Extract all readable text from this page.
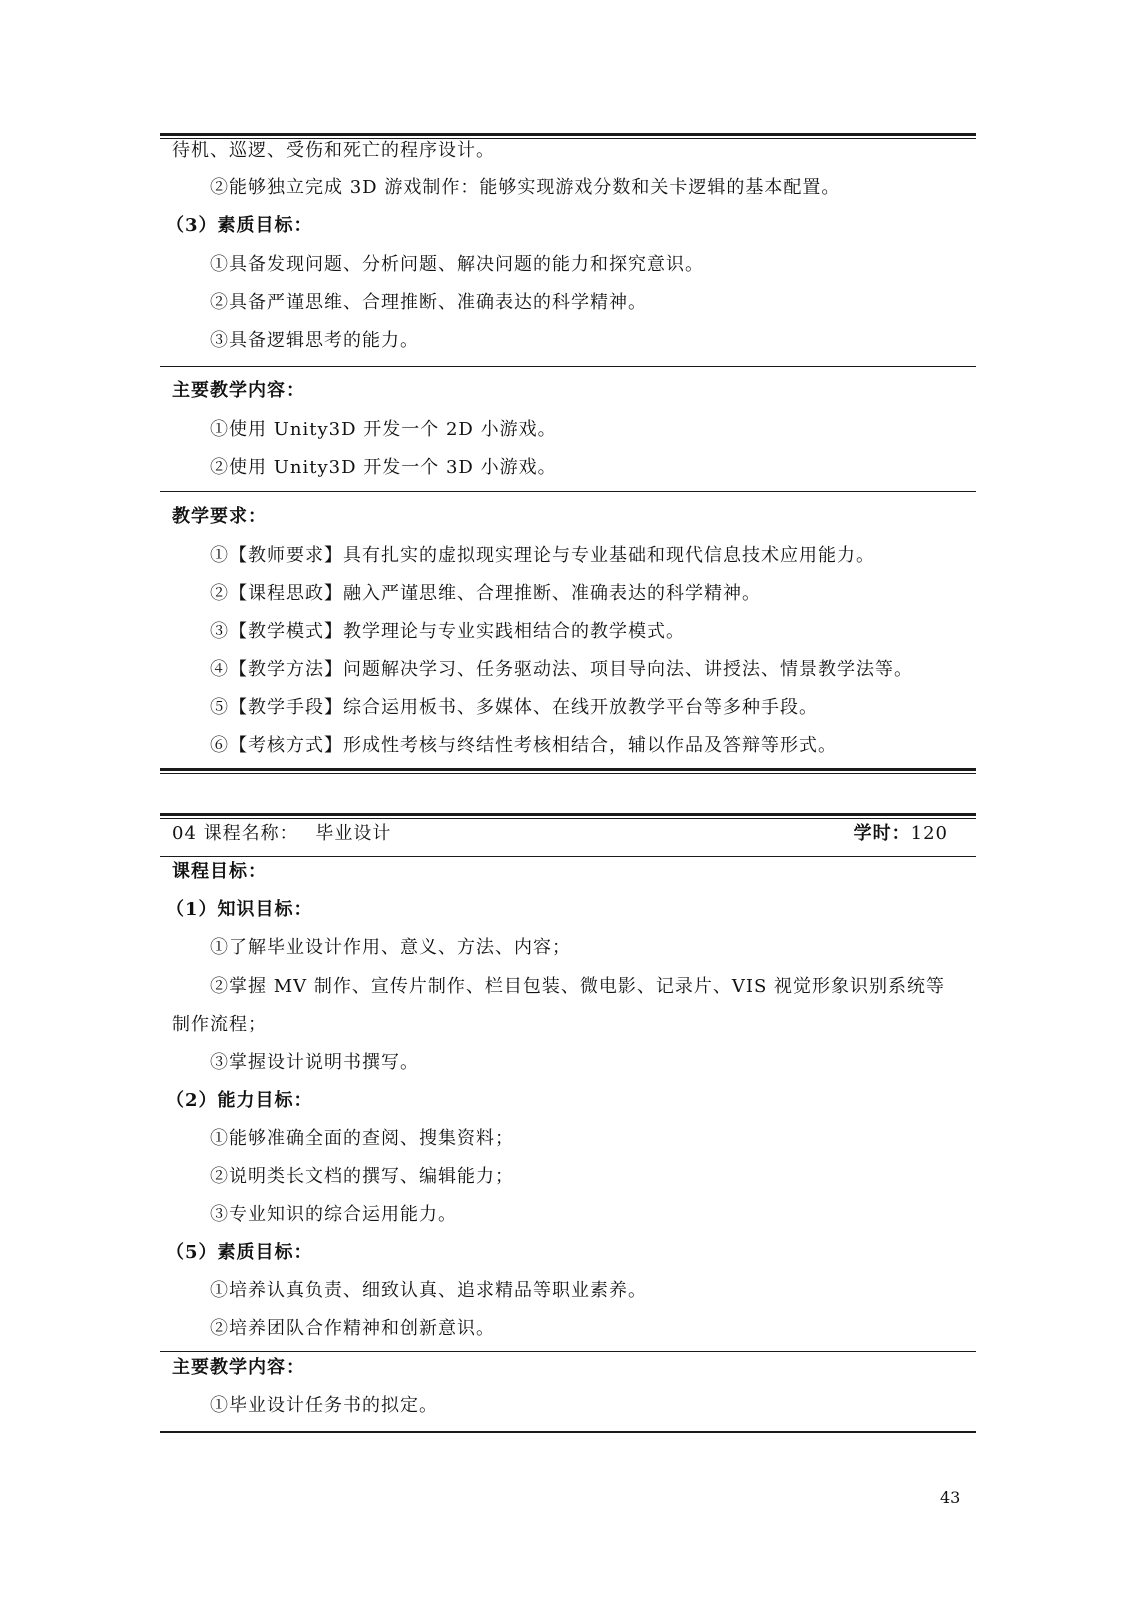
待机、巡逻、受伤和死亡的程序设计。
②能够独立完成 3D 游戏制作：能够实现游戏分数和关卡逻辑的基本配置。
（3）素质目标：
①具备发现问题、分析问题、解决问题的能力和探究意识。
②具备严谨思维、合理推断、准确表达的科学精神。
③具备逻辑思考的能力。
主要教学内容：
①使用 Unity3D 开发一个 2D 小游戏。
②使用 Unity3D 开发一个 3D 小游戏。
教学要求：
①【教师要求】具有扎实的虚拟现实理论与专业基础和现代信息技术应用能力。
②【课程思政】融入严谨思维、合理推断、准确表达的科学精神。
③【教学模式】教学理论与专业实践相结合的教学模式。
④【教学方法】问题解决学习、任务驱动法、项目导向法、讲授法、情景教学法等。
⑤【教学手段】综合运用板书、多媒体、在线开放教学平台等多种手段。
⑥【考核方式】形成性考核与终结性考核相结合，辅以作品及答辩等形式。
04 课程名称： 毕业设计	学时：120
课程目标：
（1）知识目标：
①了解毕业设计作用、意义、方法、内容；
②掌握 MV 制作、宣传片制作、栏目包装、微电影、记录片、VIS 视觉形象识别系统等
制作流程；
③掌握设计说明书撰写。
（2）能力目标：
①能够准确全面的查阅、搜集资料；
②说明类长文档的撰写、编辑能力；
③专业知识的综合运用能力。
（5）素质目标：
①培养认真负责、细致认真、追求精品等职业素养。
②培养团队合作精神和创新意识。
主要教学内容：
①毕业设计任务书的拟定。
43
